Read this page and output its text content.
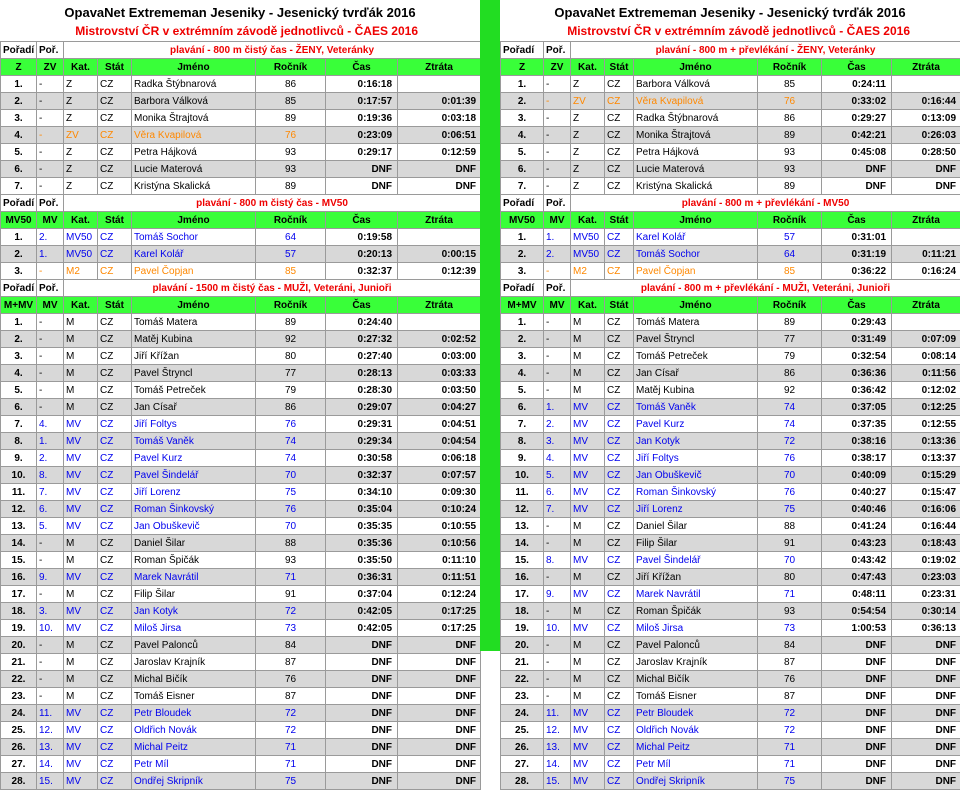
OpavaNet Extrememan Jeseniky - Jesenický tvrďák 2016
Mistrovství ČR v extrémním závodě jednotlivců - ČAES 2016
Pořadí	Poř.	plavání - 800 m čistý čas - ŽENY, Veteránky					
Z	ZV	Kat.	Stát	Jméno	Ročník	Čas	Ztráta
1.	-	Z	CZ	Radka Štýbnarová	86	0:16:18	
2.	-	Z	CZ	Barbora Válková	85	0:17:57	0:01:39
3.	-	Z	CZ	Monika Štrajtová	89	0:19:36	0:03:18
4.	-	ZV	CZ	Věra Kvapilová	76	0:23:09	0:06:51
5.	-	Z	CZ	Petra Hájková	93	0:29:17	0:12:59
6.	-	Z	CZ	Lucie Materová	93	DNF	DNF
7.	-	Z	CZ	Kristýna Skalická	89	DNF	DNF
Pořadí	Poř.	plavání - 800 m čistý čas - MV50					
MV50	MV	Kat.	Stát	Jméno	Ročník	Čas	Ztráta
1.	2.	MV50	CZ	Tomáš Sochor	64	0:19:58	
2.	1.	MV50	CZ	Karel Kolář	57	0:20:13	0:00:15
3.	-	M2	CZ	Pavel Čopjan	85	0:32:37	0:12:39
Pořadí	Poř.	plavání - 1500 m čistý čas - MUŽI, Veteráni, Junioři					
M+MV	MV	Kat.	Stát	Jméno	Ročník	Čas	Ztráta
1.	-	M	CZ	Tomáš Matera	89	0:24:40	
2.	-	M	CZ	Matěj Kubina	92	0:27:32	0:02:52
3.	-	M	CZ	Jiří Křížan	80	0:27:40	0:03:00
4.	-	M	CZ	Pavel Štryncl	77	0:28:13	0:03:33
5.	-	M	CZ	Tomáš Petreček	79	0:28:30	0:03:50
6.	-	M	CZ	Jan Císař	86	0:29:07	0:04:27
7.	4.	MV	CZ	Jiří Foltys	76	0:29:31	0:04:51
8.	1.	MV	CZ	Tomáš Vaněk	74	0:29:34	0:04:54
9.	2.	MV	CZ	Pavel Kurz	74	0:30:58	0:06:18
10.	8.	MV	CZ	Pavel Šindelář	70	0:32:37	0:07:57
11.	7.	MV	CZ	Jiří Lorenz	75	0:34:10	0:09:30
12.	6.	MV	CZ	Roman Šinkovský	76	0:35:04	0:10:24
13.	5.	MV	CZ	Jan Obuškevič	70	0:35:35	0:10:55
14.	-	M	CZ	Daniel Šilar	88	0:35:36	0:10:56
15.	-	M	CZ	Roman Špičák	93	0:35:50	0:11:10
16.	9.	MV	CZ	Marek Navrátil	71	0:36:31	0:11:51
17.	-	M	CZ	Filip Šilar	91	0:37:04	0:12:24
18.	3.	MV	CZ	Jan Kotyk	72	0:42:05	0:17:25
19.	10.	MV	CZ	Miloš Jirsa	73	0:42:05	0:17:25
20.	-	M	CZ	Pavel Palonců	84	DNF	DNF
21.	-	M	CZ	Jaroslav Krajník	87	DNF	DNF
22.	-	M	CZ	Michal Bičík	76	DNF	DNF
23.	-	M	CZ	Tomáš Eisner	87	DNF	DNF
24.	11.	MV	CZ	Petr Bloudek	72	DNF	DNF
25.	12.	MV	CZ	Oldřich Novák	72	DNF	DNF
26.	13.	MV	CZ	Michal Peitz	71	DNF	DNF
27.	14.	MV	CZ	Petr Míl	71	DNF	DNF
28.	15.	MV	CZ	Ondřej Skripník	75	DNF	DNF
OpavaNet Extrememan Jeseniky - Jesenický tvrďák 2016
Mistrovství ČR v extrémním závodě jednotlivců - ČAES 2016
Pořadí	Poř.	plavání - 800 m + převlékání - ŽENY, Veteránky					
Z	ZV	Kat.	Stát	Jméno	Ročník	Čas	Ztráta
1.	-	Z	CZ	Barbora Válková	85	0:24:11	
2.	-	ZV	CZ	Věra Kvapilová	76	0:33:02	0:16:44
3.	-	Z	CZ	Radka Štýbnarová	86	0:29:27	0:13:09
4.	-	Z	CZ	Monika Štrajtová	89	0:42:21	0:26:03
5.	-	Z	CZ	Petra Hájková	93	0:45:08	0:28:50
6.	-	Z	CZ	Lucie Materová	93	DNF	DNF
7.	-	Z	CZ	Kristýna Skalická	89	DNF	DNF
Pořadí	Poř.	plavání - 800 m + převlékání - MV50					
MV50	MV	Kat.	Stát	Jméno	Ročník	Čas	Ztráta
1.	1.	MV50	CZ	Karel Kolář	57	0:31:01	
2.	2.	MV50	CZ	Tomáš Sochor	64	0:31:19	0:11:21
3.	-	M2	CZ	Pavel Čopjan	85	0:36:22	0:16:24
Pořadí	Poř.	plavání - 800 m + převlékání - MUŽI, Veteráni, Junioři					
M+MV	MV	Kat.	Stát	Jméno	Ročník	Čas	Ztráta
1.	-	M	CZ	Tomáš Matera	89	0:29:43	
2.	-	M	CZ	Pavel Štryncl	77	0:31:49	0:07:09
3.	-	M	CZ	Tomáš Petreček	79	0:32:54	0:08:14
4.	-	M	CZ	Jan Císař	86	0:36:36	0:11:56
5.	-	M	CZ	Matěj Kubina	92	0:36:42	0:12:02
6.	1.	MV	CZ	Tomáš Vaněk	74	0:37:05	0:12:25
7.	2.	MV	CZ	Pavel Kurz	74	0:37:35	0:12:55
8.	3.	MV	CZ	Jan Kotyk	72	0:38:16	0:13:36
9.	4.	MV	CZ	Jiří Foltys	76	0:38:17	0:13:37
10.	5.	MV	CZ	Jan Obuškevič	70	0:40:09	0:15:29
11.	6.	MV	CZ	Roman Šinkovský	76	0:40:27	0:15:47
12.	7.	MV	CZ	Jiří Lorenz	75	0:40:46	0:16:06
13.	-	M	CZ	Daniel Šilar	88	0:41:24	0:16:44
14.	-	M	CZ	Filip Šilar	91	0:43:23	0:18:43
15.	8.	MV	CZ	Pavel Šindelář	70	0:43:42	0:19:02
16.	-	M	CZ	Jiří Křížan	80	0:47:43	0:23:03
17.	9.	MV	CZ	Marek Navrátil	71	0:48:11	0:23:31
18.	-	M	CZ	Roman Špičák	93	0:54:54	0:30:14
19.	10.	MV	CZ	Miloš Jirsa	73	1:00:53	0:36:13
20.	-	M	CZ	Pavel Palonců	84	DNF	DNF
21.	-	M	CZ	Jaroslav Krajník	87	DNF	DNF
22.	-	M	CZ	Michal Bičík	76	DNF	DNF
23.	-	M	CZ	Tomáš Eisner	87	DNF	DNF
24.	11.	MV	CZ	Petr Bloudek	72	DNF	DNF
25.	12.	MV	CZ	Oldřich Novák	72	DNF	DNF
26.	13.	MV	CZ	Michal Peitz	71	DNF	DNF
27.	14.	MV	CZ	Petr Míl	71	DNF	DNF
28.	15.	MV	CZ	Ondřej Skripník	75	DNF	DNF
